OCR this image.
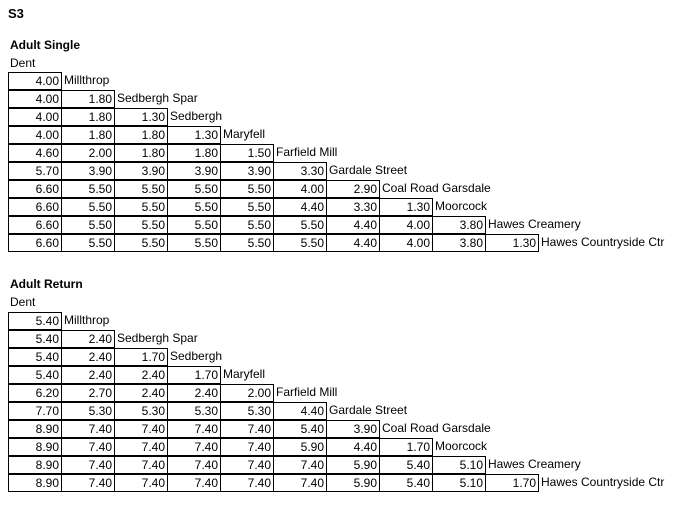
S3
Adult Single
Dent
4.00 Millthrop
4.00	1.80 Sedbergh Spar
4.00	1.80	1.30 Sedbergh
4.00	1.80	1.80	1.30 Maryfell
4.60	2.00	1.80	1.80	1.50 Farfield Mill
5.70	3.90	3.90	3.90	3.90	3.30 Gardale Street
6.60	5.50	5.50	5.50	5.50	4.00	2.90 Coal Road Garsdale
6.60	5.50	5.50	5.50	5.50	4.40	3.30	1.30 Moorcock
6.60	5.50	5.50	5.50	5.50	5.50	4.40	4.00	3.80 Hawes Creamery
6.60	5.50	5.50	5.50	5.50	5.50	4.40	4.00	3.80	1.30 Hawes Countryside Ctr
Adult Return
Dent
5.40 Millthrop
5.40	2.40 Sedbergh Spar
5.40	2.40	1.70 Sedbergh
5.40	2.40	2.40	1.70 Maryfell
6.20	2.70	2.40	2.40	2.00 Farfield Mill
7.70	5.30	5.30	5.30	5.30	4.40 Gardale Street
8.90	7.40	7.40	7.40	7.40	5.40	3.90 Coal Road Garsdale
8.90	7.40	7.40	7.40	7.40	5.90	4.40	1.70 Moorcock
8.90	7.40	7.40	7.40	7.40	7.40	5.90	5.40	5.10 Hawes Creamery
8.90	7.40	7.40	7.40	7.40	7.40	5.90	5.40	5.10	1.70 Hawes Countryside Ctr
